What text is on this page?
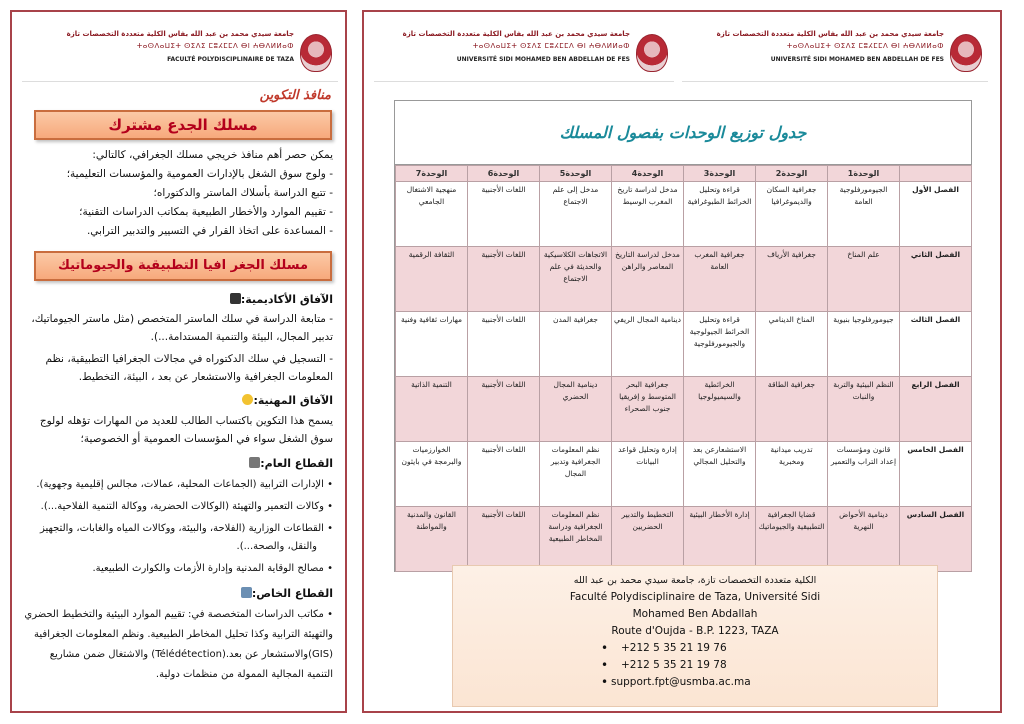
جامعة سيدي محمد بن عبد الله بفاس الكلية متعددة التخصصات تازة
ⵜⴰⵙⴷⴰⵡⵉⵜ ⵙⵉⴷⵉ ⵎⵓⵃⵎⵎⴷ ⴱⵏ ⵄⴱⴷⵍⵍⴰⵀ
FACULTÉ POLYDISCIPLINAIRE DE TAZA
منافذ التكوين
مسلك الجدع مشترك
يمكن حصر أهم منافذ خريجي مسلك الجغرافي، كالتالي:
- ولوج سوق الشغل بالإدارات العمومية والمؤسسات التعليمية؛
- تتبع الدراسة بأسلاك الماستر والدكتوراه؛
- تقييم الموارد والأخطار الطبيعية بمكاتب الدراسات التقنية؛
- المساعدة على اتخاذ القرار في التسيير والتدبير الترابي.
مسلك الجغر افيا التطبيقية والجيوماتيك
الآفاق الأكاديمية:
- متابعة الدراسة في سلك الماستر المتخصص (مثل ماستر الجيوماتيك،
تدبير المجال، البيئة والتنمية المستدامة...).
- التسجيل في سلك الدكتوراه في مجالات الجغرافيا التطبيقية، نظم
المعلومات الجغرافية والاستشعار عن بعد ، البيئة، التخطيط.
الآفاق المهنية:
يسمح هذا التكوين باكتساب الطالب للعديد من المهارات تؤهله لولوج
سوق الشغل سواء في المؤسسات العمومية أو الخصوصية؛
القطاع العام:
• الإدارات الترابية (الجماعات المحلية، عمالات، مجالس إقليمية وجهوية).
• وكالات التعمير والتهيئة (الوكالات الحضرية، ووكالة التنمية الفلاحية...).
• القطاعات الوزارية (الفلاحة، والبيئة، ووكالات المياه والغابات، والتجهيز
والنقل، والصحة...).
• مصالح الوقاية المدنية وإدارة الأزمات والكوارث الطبيعية.
القطاع الخاص:
• مكاتب الدراسات المتخصصة في: تقييم الموارد البيئية والتخطيط الحضري
والتهيئة الترابية وكذا تحليل المخاطر الطبيعية. ونظم المعلومات الجغرافية
(GIS)والاستشعار عن بعد.(Télédétection) والاشتغال ضمن مشاريع
التنمية المجالية الممولة من منظمات دولية.
جامعة سيدي محمد بن عبد الله بفاس الكلية متعددة التخصصات تازة
ⵜⴰⵙⴷⴰⵡⵉⵜ ⵙⵉⴷⵉ ⵎⵓⵃⵎⵎⴷ ⴱⵏ ⵄⴱⴷⵍⵍⴰⵀ
UNIVERSITÉ SIDI MOHAMED BEN ABDELLAH DE FES
جامعة سيدي محمد بن عبد الله بفاس الكلية متعددة التخصصات تازة
ⵜⴰⵙⴷⴰⵡⵉⵜ ⵙⵉⴷⵉ ⵎⵓⵃⵎⵎⴷ ⴱⵏ ⵄⴱⴷⵍⵍⴰⵀ
UNIVERSITÉ SIDI MOHAMED BEN ABDELLAH DE FES
جدول توزيع الوحدات بفصول المسلك
	الوحدة1	الوحدة2	الوحدة3	الوحدة4	الوحدة5	الوحدة6	الوحدة7
الفصل الأول	الجيومورفلوجية العامة	جغرافية السكان والديموغرافيا	قراءة وتحليل الخرائط الطبوغرافية	مدخل لدراسة تاريخ المغرب الوسيط	مدخل إلى علم الاجتماع	اللغات الأجنبية	منهجية الاشتغال الجامعي
الفصل الثاني	علم المناخ	جغرافية الأرياف	جغرافية المغرب العامة	مدخل لدراسة التاريخ المعاصر والراهن	الاتجاهات الكلاسيكية والحديثة في علم الاجتماع	اللغات الأجنبية	الثقافة الرقمية
الفصل الثالث	جيومورفلوجيا بنيوية	المناخ الدينامي	قراءة وتحليل الخرائط الجيولوجية والجيومورفلوجية	دينامية المجال الريفي	جغرافية المدن	اللغات الأجنبية	مهارات ثقافية وفنية
الفصل الرابع	النظم البيئية والتربة والنبات	جغرافية الطاقة	الخرائطية والسيميولوجيا	جغرافية البحر المتوسط و إفريقيا جنوب الصحراء	دينامية المجال الحضري	اللغات الأجنبية	التنمية الذاتية
الفصل الخامس	قانون ومؤسسات إعداد التراب والتعمير	تدريب ميدانية ومخبرية	الاستشعارعن بعد والتحليل المجالي	إدارة وتحليل قواعد البيانات	نظم المعلومات الجغرافية وتدبير المجال	اللغات الأجنبية	الخوارزميات والبرمجة في بايثون
الفصل السادس	دينامية الأحواض النهرية	قضايا الجغرافية التطبيقية والجيوماتيك	إدارة الأخطار البيئية	التخطيط والتدبير الحضريين	نظم المعلومات الجغرافية ودراسة المخاطر الطبيعية	اللغات الأجنبية	القانون والمدنية والمواطنة
الكلية متعددة التخصصات تازة، جامعة سيدي محمد بن عبد الله
Faculté Polydisciplinaire de Taza, Université Sidi
Mohamed Ben Abdallah
Route d'Oujda - B.P. 1223, TAZA
• +212 5 35 21 19 76
• +212 5 35 21 19 78
• support.fpt@usmba.ac.ma
